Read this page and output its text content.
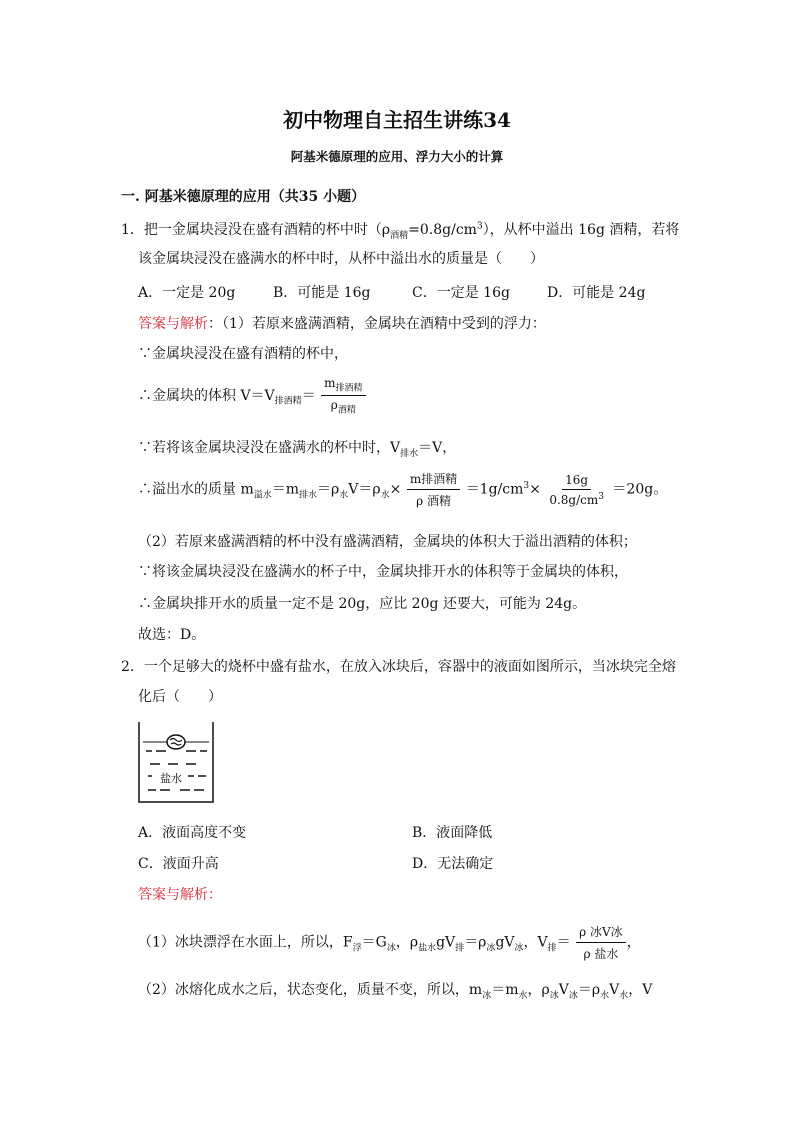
初中物理自主招生讲练34
阿基米德原理的应用、浮力大小的计算
一. 阿基米德原理的应用（共35 小题）
1．把一金属块浸没在盛有酒精的杯中时$(\rho_{酒精}=0.8g/cm^3)$，从杯中溢出 16g 酒精，若将
该金属块浸没在盛满水的杯中时，从杯中溢出水的质量是（　　）
A．一定是 20g	B．可能是 16g	C．一定是 16g	D．可能是 24g
答案与解析：（1）若原来盛满酒精，金属块在酒精中受到的浮力：
∵金属块浸没在盛有酒精的杯中，
∴金属块的体积 $V=V_{排酒精}= \frac{m_{排酒精}}{\rho_{酒精}}$
∵若将该金属块浸没在盛满水的杯中时，$V_{排水}=V$，
∴溢出水的质量 $m_{溢水}=m_{排水}=\rho_水V=\rho_水\times \frac{\text{m排酒精}}{\text{ρ 酒精}} =1g/cm^3\times \frac{16g}{0.8g/cm^3} =20g$。
（2）若原来盛满酒精的杯中没有盛满酒精，金属块的体积大于溢出酒精的体积；
∵将该金属块浸没在盛满水的杯子中，金属块排开水的体积等于金属块的体积，
∴金属块排开水的质量一定不是 20g，应比 20g 还要大，可能为 24g。
故选：D。
2．一个足够大的烧杯中盛有盐水，在放入冰块后，容器中的液面如图所示，当冰块完全熔
化后（　　）
盐水
A．液面高度不变	B．液面降低
C．液面升高	D．无法确定
答案与解析：
（1）冰块漂浮在水面上，所以，$F_浮=G_冰$，$\rho_{盐水}gV_排=\rho_冰gV_冰$，$V_排= \frac{\text{ρ 冰V冰}}{\text{ρ 盐水}}$ ，
（2）冰熔化成水之后，状态变化，质量不变，所以，$m_冰=m_水$，$\rho_冰V_冰=\rho_水V_水$，V
